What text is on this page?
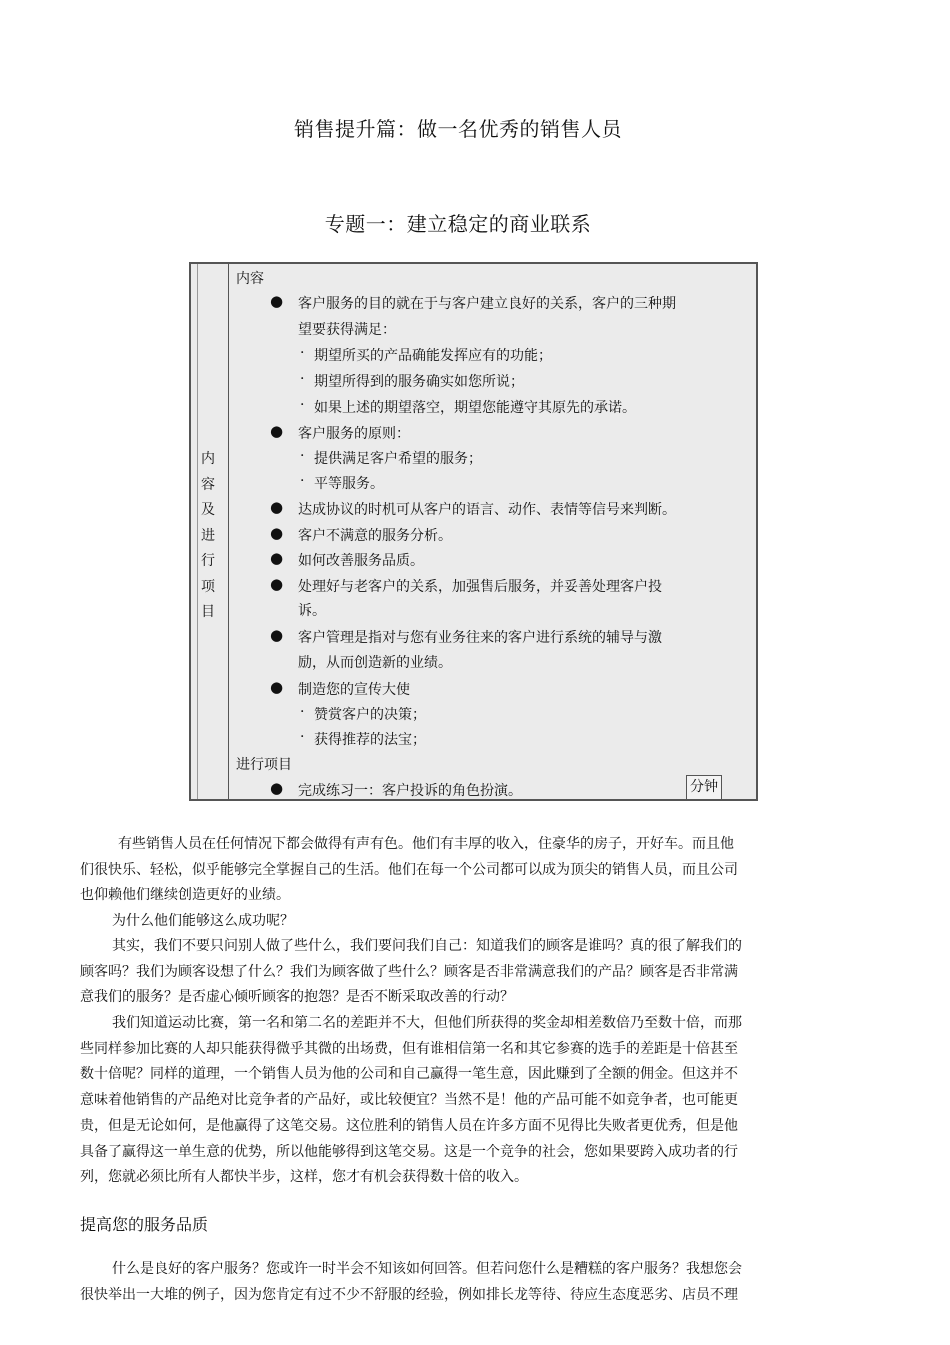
销售提升篇：做一名优秀的销售人员
专题一：建立稳定的商业联系
内
容
及
进
行
项
目
内容
● 客户服务的目的就在于与客户建立良好的关系，客户的三种期
望要获得满足：
· 期望所买的产品确能发挥应有的功能；
· 期望所得到的服务确实如您所说；
· 如果上述的期望落空，期望您能遵守其原先的承诺。
● 客户服务的原则：
· 提供满足客户希望的服务；
· 平等服务。
● 达成协议的时机可从客户的语言、动作、表情等信号来判断。
● 客户不满意的服务分析。
● 如何改善服务品质。
● 处理好与老客户的关系，加强售后服务，并妥善处理客户投
诉。
● 客户管理是指对与您有业务往来的客户进行系统的辅导与激
励，从而创造新的业绩。
● 制造您的宣传大使
· 赞赏客户的决策；
· 获得推荐的法宝；
进行项目
● 完成练习一：客户投诉的角色扮演。	分钟
有些销售人员在任何情况下都会做得有声有色。他们有丰厚的收入，住豪华的房子，开好车。而且他
们很快乐、轻松，似乎能够完全掌握自己的生活。他们在每一个公司都可以成为顶尖的销售人员，而且公司
也仰赖他们继续创造更好的业绩。
为什么他们能够这么成功呢？
其实，我们不要只问别人做了些什么，我们要问我们自己：知道我们的顾客是谁吗？真的很了解我们的
顾客吗？我们为顾客设想了什么？我们为顾客做了些什么？顾客是否非常满意我们的产品？顾客是否非常满
意我们的服务？是否虚心倾听顾客的抱怨？是否不断采取改善的行动？
我们知道运动比赛，第一名和第二名的差距并不大，但他们所获得的奖金却相差数倍乃至数十倍，而那
些同样参加比赛的人却只能获得微乎其微的出场费，但有谁相信第一名和其它参赛的选手的差距是十倍甚至
数十倍呢？同样的道理，一个销售人员为他的公司和自己赢得一笔生意，因此赚到了全额的佣金。但这并不
意味着他销售的产品绝对比竞争者的产品好，或比较便宜？当然不是！他的产品可能不如竞争者，也可能更
贵，但是无论如何，是他赢得了这笔交易。这位胜利的销售人员在许多方面不见得比失败者更优秀，但是他
具备了赢得这一单生意的优势，所以他能够得到这笔交易。这是一个竞争的社会，您如果要跨入成功者的行
列，您就必须比所有人都快半步，这样，您才有机会获得数十倍的收入。
提高您的服务品质
什么是良好的客户服务？您或许一时半会不知该如何回答。但若问您什么是糟糕的客户服务？我想您会
很快举出一大堆的例子，因为您肯定有过不少不舒服的经验，例如排长龙等待、待应生态度恶劣、店员不理
